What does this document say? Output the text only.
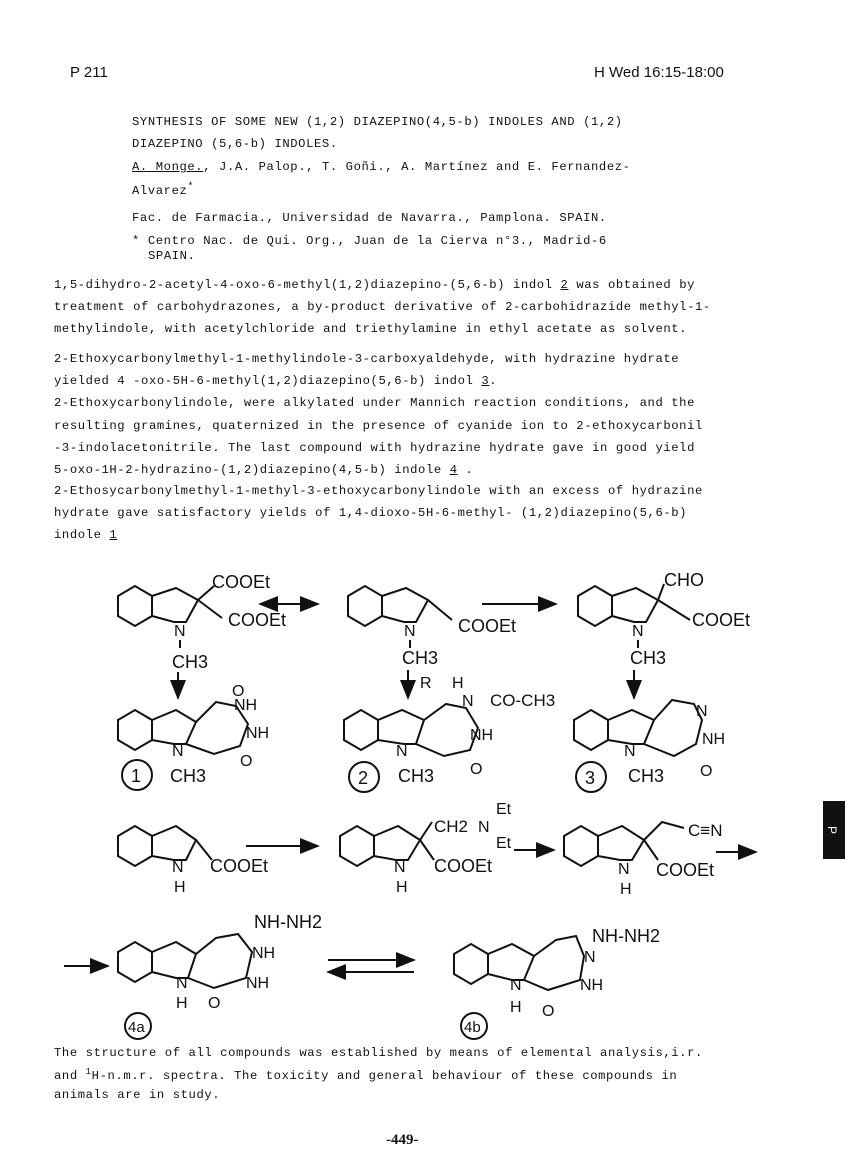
P 211	H Wed 16:15-18:00
SYNTHESIS OF SOME NEW (1,2) DIAZEPINO(4,5-b) INDOLES AND (1,2)
DIAZEPINO (5,6-b) INDOLES.
A. Monge., J.A. Palop., T. Goñi., A. Martínez and E. Fernandez-
Alvarez*
Fac. de Farmacia., Universidad de Navarra., Pamplona. SPAIN.
* Centro Nac. de Qui. Org., Juan de la Cierva n°3., Madrid-6
SPAIN.
1,5-dihydro-2-acetyl-4-oxo-6-methyl(1,2)diazepino-(5,6-b) indol 2 was obtained by
treatment of carbohydrazones, a by-product derivative of 2-carbohidrazide methyl-1-
methylindole, with acetylchloride and triethylamine in ethyl acetate as solvent.
2-Ethoxycarbonylmethyl-1-methylindole-3-carboxyaldehyde, with hydrazine hydrate
yielded 4 -oxo-5H-6-methyl(1,2)diazepino(5,6-b) indol 3.
2-Ethoxycarbonylindole, were alkylated under Mannich reaction conditions, and the
resulting gramines, quaternized in the presence of cyanide ion to 2-ethoxycarbonil
-3-indolacetonitrile. The last compound with hydrazine hydrate gave in good yield
5-oxo-1H-2-hydrazino-(1,2)diazepino(4,5-b) indole 4 .
2-Ethosycarbonylmethyl-1-methyl-3-ethoxycarbonylindole with an excess of hydrazine
hydrate gave satisfactory yields of 1,4-dioxo-5H-6-methyl- (1,2)diazepino(5,6-b)
indole 1
COOEt
COOEt
N
CH3
COOEt
N
CH3
CHO
COOEt
N
CH3
O
NH
NH
O
N
CH3
1
R H
N CO-CH3
NH
O
N
CH3
2
N
NH
O
N
CH3
3
COOEt
N
H
CH2 N
Et
Et
COOEt
N
H
C≡N
COOEt
N
H
NH-NH2
NH
NH
O
N
H
4a
NH-NH2
N
NH
O
N
H
4b
P
The structure of all compounds was established by means of elemental analysis,i.r.
and $^1$H-n.m.r. spectra. The toxicity and general behaviour of these compounds in
animals are in study.
-449-
